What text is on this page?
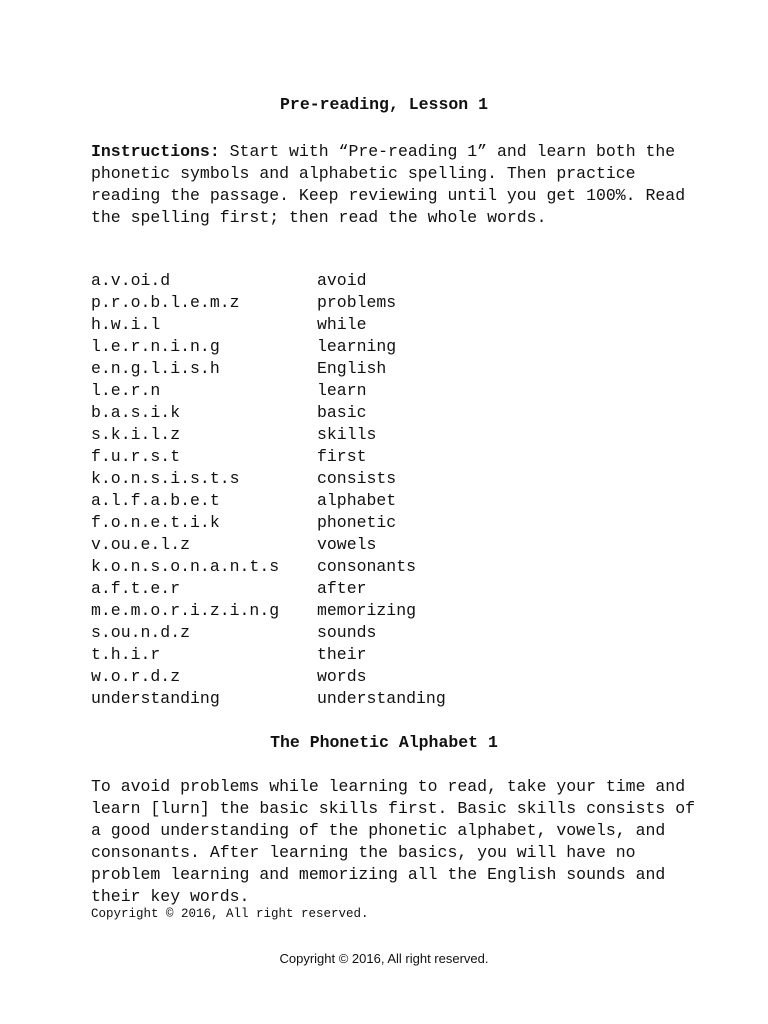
Pre-reading, Lesson 1
Instructions: Start with “Pre-reading 1” and learn both the phonetic symbols and alphabetic spelling. Then practice reading the passage. Keep reviewing until you get 100%. Read the spelling first; then read the whole words.
a.v.oi.d	avoid
p.r.o.b.l.e.m.z	problems
h.w.i.l	while
l.e.r.n.i.n.g	learning
e.n.g.l.i.s.h	English
l.e.r.n	learn
b.a.s.i.k	basic
s.k.i.l.z	skills
f.u.r.s.t	first
k.o.n.s.i.s.t.s	consists
a.l.f.a.b.e.t	alphabet
f.o.n.e.t.i.k	phonetic
v.ou.e.l.z	vowels
k.o.n.s.o.n.a.n.t.s consonants
a.f.t.e.r	after
m.e.m.o.r.i.z.i.n.g memorizing
s.ou.n.d.z	sounds
t.h.i.r	their
w.o.r.d.z	words
understanding	understanding
The Phonetic Alphabet 1
To avoid problems while learning to read, take your time and learn [lurn] the basic skills first. Basic skills consists of a good understanding of the phonetic alphabet, vowels, and consonants. After learning the basics, you will have no problem learning and memorizing all the English sounds and their key words.
Copyright © 2016, All right reserved.
Copyright © 2016, All right reserved.
